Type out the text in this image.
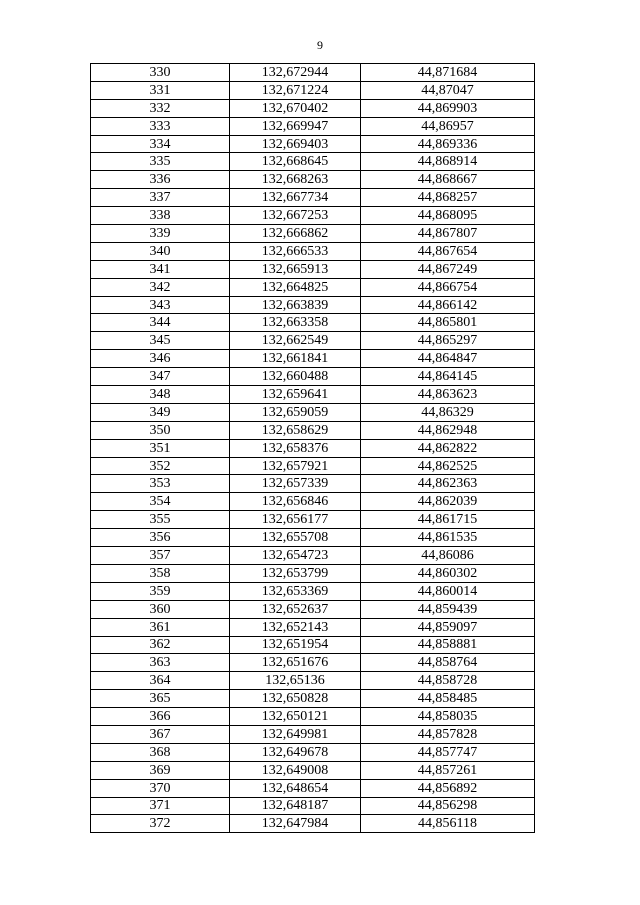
9
330	132,672944	44,871684
331	132,671224	44,87047
332	132,670402	44,869903
333	132,669947	44,86957
334	132,669403	44,869336
335	132,668645	44,868914
336	132,668263	44,868667
337	132,667734	44,868257
338	132,667253	44,868095
339	132,666862	44,867807
340	132,666533	44,867654
341	132,665913	44,867249
342	132,664825	44,866754
343	132,663839	44,866142
344	132,663358	44,865801
345	132,662549	44,865297
346	132,661841	44,864847
347	132,660488	44,864145
348	132,659641	44,863623
349	132,659059	44,86329
350	132,658629	44,862948
351	132,658376	44,862822
352	132,657921	44,862525
353	132,657339	44,862363
354	132,656846	44,862039
355	132,656177	44,861715
356	132,655708	44,861535
357	132,654723	44,86086
358	132,653799	44,860302
359	132,653369	44,860014
360	132,652637	44,859439
361	132,652143	44,859097
362	132,651954	44,858881
363	132,651676	44,858764
364	132,65136	44,858728
365	132,650828	44,858485
366	132,650121	44,858035
367	132,649981	44,857828
368	132,649678	44,857747
369	132,649008	44,857261
370	132,648654	44,856892
371	132,648187	44,856298
372	132,647984	44,856118
